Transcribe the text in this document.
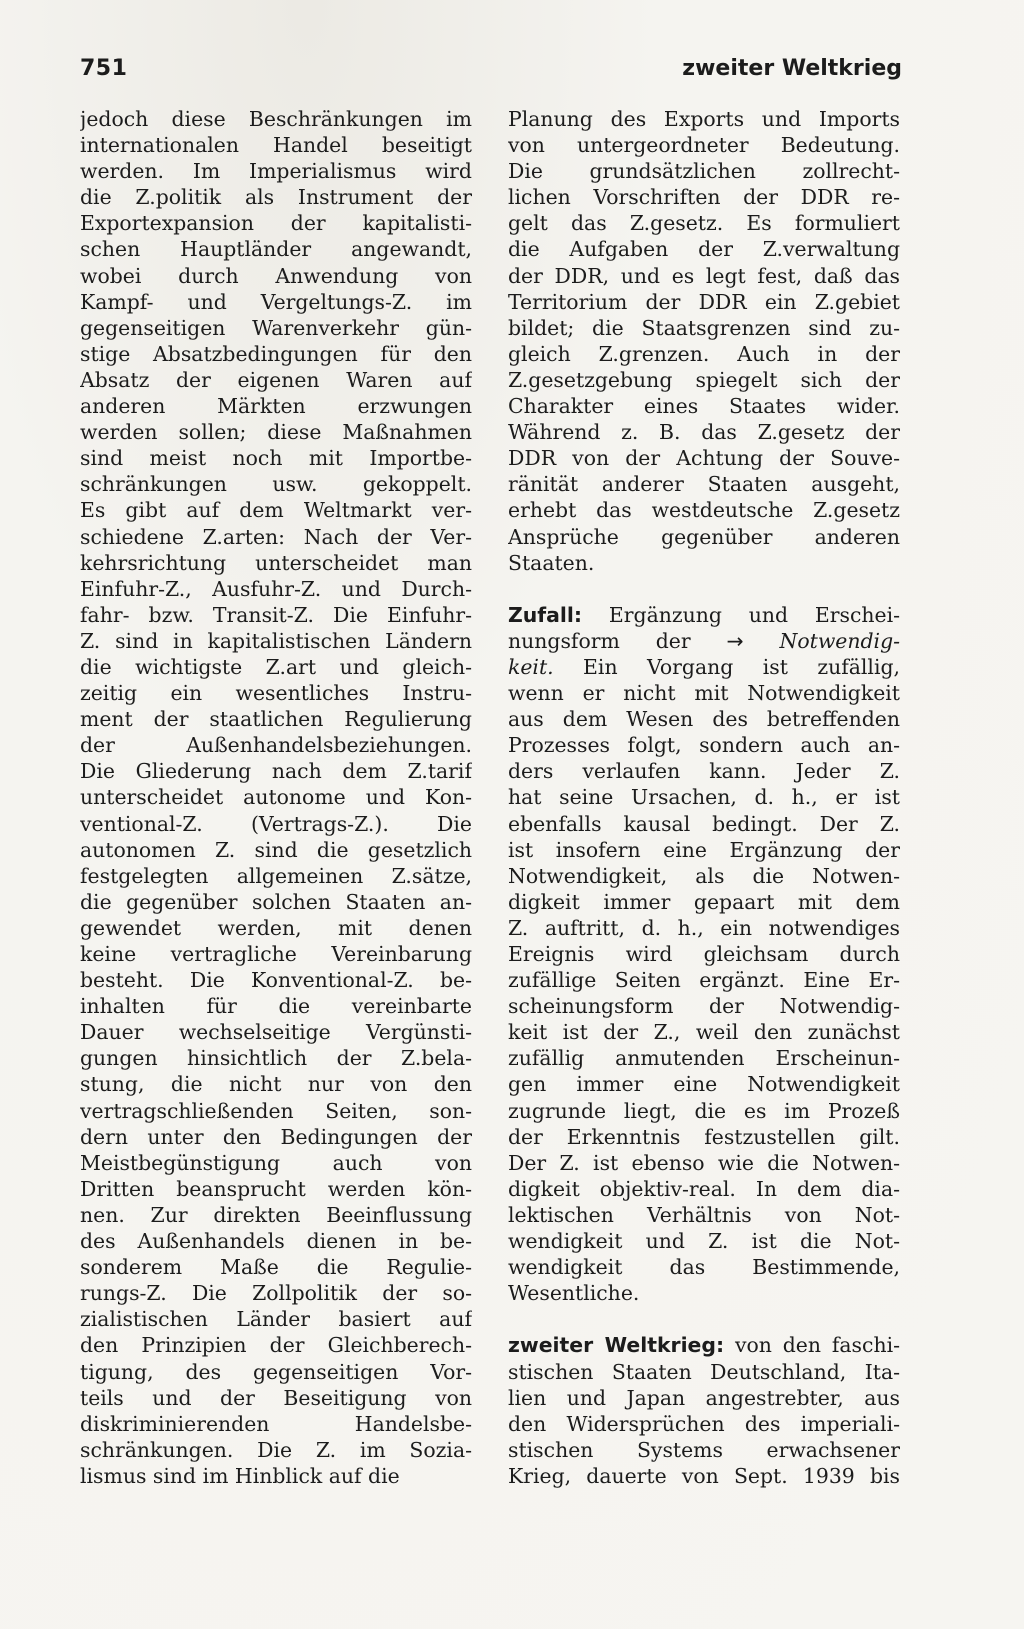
751	zweiter Weltkrieg
jedoch diese Beschränkungen im
internationalen Handel beseitigt
werden. Im Imperialismus wird
die Z.politik als Instrument der
Exportexpansion der kapitalisti-
schen Hauptländer angewandt,
wobei durch Anwendung von
Kampf- und Vergeltungs-Z. im
gegenseitigen Warenverkehr gün-
stige Absatzbedingungen für den
Absatz der eigenen Waren auf
anderen Märkten erzwungen
werden sollen; diese Maßnahmen
sind meist noch mit Importbe-
schränkungen usw. gekoppelt.
Es gibt auf dem Weltmarkt ver-
schiedene Z.arten: Nach der Ver-
kehrsrichtung unterscheidet man
Einfuhr-Z., Ausfuhr-Z. und Durch-
fahr- bzw. Transit-Z. Die Einfuhr-
Z. sind in kapitalistischen Ländern
die wichtigste Z.art und gleich-
zeitig ein wesentliches Instru-
ment der staatlichen Regulierung
der Außenhandelsbeziehungen.
Die Gliederung nach dem Z.tarif
unterscheidet autonome und Kon-
ventional-Z. (Vertrags-Z.). Die
autonomen Z. sind die gesetzlich
festgelegten allgemeinen Z.sätze,
die gegenüber solchen Staaten an-
gewendet werden, mit denen
keine vertragliche Vereinbarung
besteht. Die Konventional-Z. be-
inhalten für die vereinbarte
Dauer wechselseitige Vergünsti-
gungen hinsichtlich der Z.bela-
stung, die nicht nur von den
vertragschließenden Seiten, son-
dern unter den Bedingungen der
Meistbegünstigung auch von
Dritten beansprucht werden kön-
nen. Zur direkten Beeinflussung
des Außenhandels dienen in be-
sonderem Maße die Regulie-
rungs-Z. Die Zollpolitik der so-
zialistischen Länder basiert auf
den Prinzipien der Gleichberech-
tigung, des gegenseitigen Vor-
teils und der Beseitigung von
diskriminierenden Handelsbe-
schränkungen. Die Z. im Sozia-
lismus sind im Hinblick auf die
Planung des Exports und Imports
von untergeordneter Bedeutung.
Die grundsätzlichen zollrecht-
lichen Vorschriften der DDR re-
gelt das Z.gesetz. Es formuliert
die Aufgaben der Z.verwaltung
der DDR, und es legt fest, daß das
Territorium der DDR ein Z.gebiet
bildet; die Staatsgrenzen sind zu-
gleich Z.grenzen. Auch in der
Z.gesetzgebung spiegelt sich der
Charakter eines Staates wider.
Während z. B. das Z.gesetz der
DDR von der Achtung der Souve-
ränität anderer Staaten ausgeht,
erhebt das westdeutsche Z.gesetz
Ansprüche gegenüber anderen
Staaten.
Zufall: Ergänzung und Erschei-
nungsform der → Notwendig-
keit. Ein Vorgang ist zufällig,
wenn er nicht mit Notwendigkeit
aus dem Wesen des betreffenden
Prozesses folgt, sondern auch an-
ders verlaufen kann. Jeder Z.
hat seine Ursachen, d. h., er ist
ebenfalls kausal bedingt. Der Z.
ist insofern eine Ergänzung der
Notwendigkeit, als die Notwen-
digkeit immer gepaart mit dem
Z. auftritt, d. h., ein notwendiges
Ereignis wird gleichsam durch
zufällige Seiten ergänzt. Eine Er-
scheinungsform der Notwendig-
keit ist der Z., weil den zunächst
zufällig anmutenden Erscheinun-
gen immer eine Notwendigkeit
zugrunde liegt, die es im Prozeß
der Erkenntnis festzustellen gilt.
Der Z. ist ebenso wie die Notwen-
digkeit objektiv-real. In dem dia-
lektischen Verhältnis von Not-
wendigkeit und Z. ist die Not-
wendigkeit das Bestimmende,
Wesentliche.
zweiter Weltkrieg: von den faschi-
stischen Staaten Deutschland, Ita-
lien und Japan angestrebter, aus
den Widersprüchen des imperiali-
stischen Systems erwachsener
Krieg, dauerte von Sept. 1939 bis
